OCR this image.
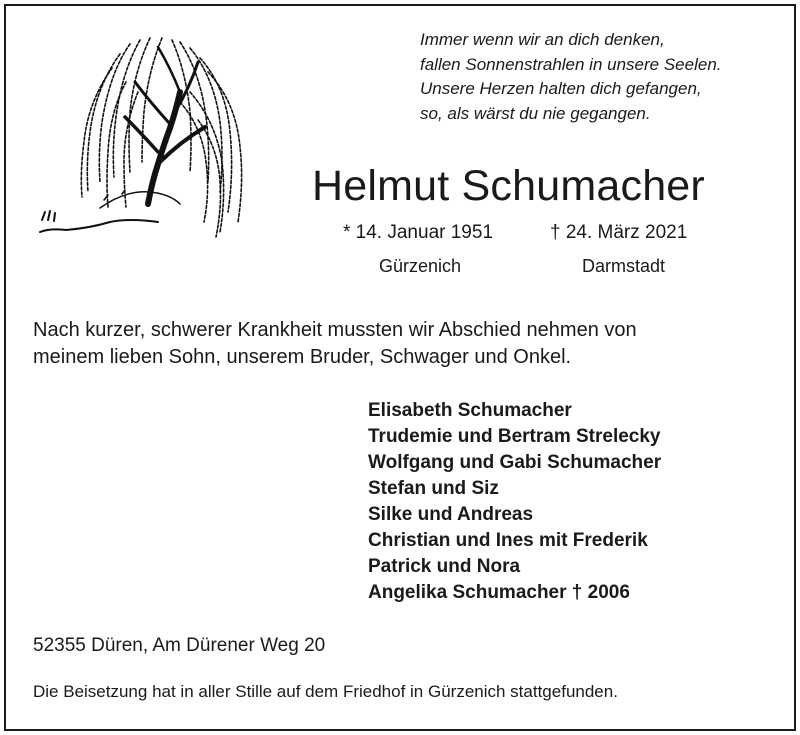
Immer wenn wir an dich denken,
fallen Sonnenstrahlen in unsere Seelen.
Unsere Herzen halten dich gefangen,
so, als wärst du nie gegangen.
Helmut Schumacher
* 14. Januar 1951	† 24. März 2021
Gürzenich	Darmstadt
Nach kurzer, schwerer Krankheit mussten wir Abschied nehmen von
meinem lieben Sohn, unserem Bruder, Schwager und Onkel.
Elisabeth Schumacher
Trudemie und Bertram Strelecky
Wolfgang und Gabi Schumacher
Stefan und Siz
Silke und Andreas
Christian und Ines mit Frederik
Patrick und Nora
Angelika Schumacher † 2006
52355 Düren, Am Dürener Weg 20
Die Beisetzung hat in aller Stille auf dem Friedhof in Gürzenich stattgefunden.
